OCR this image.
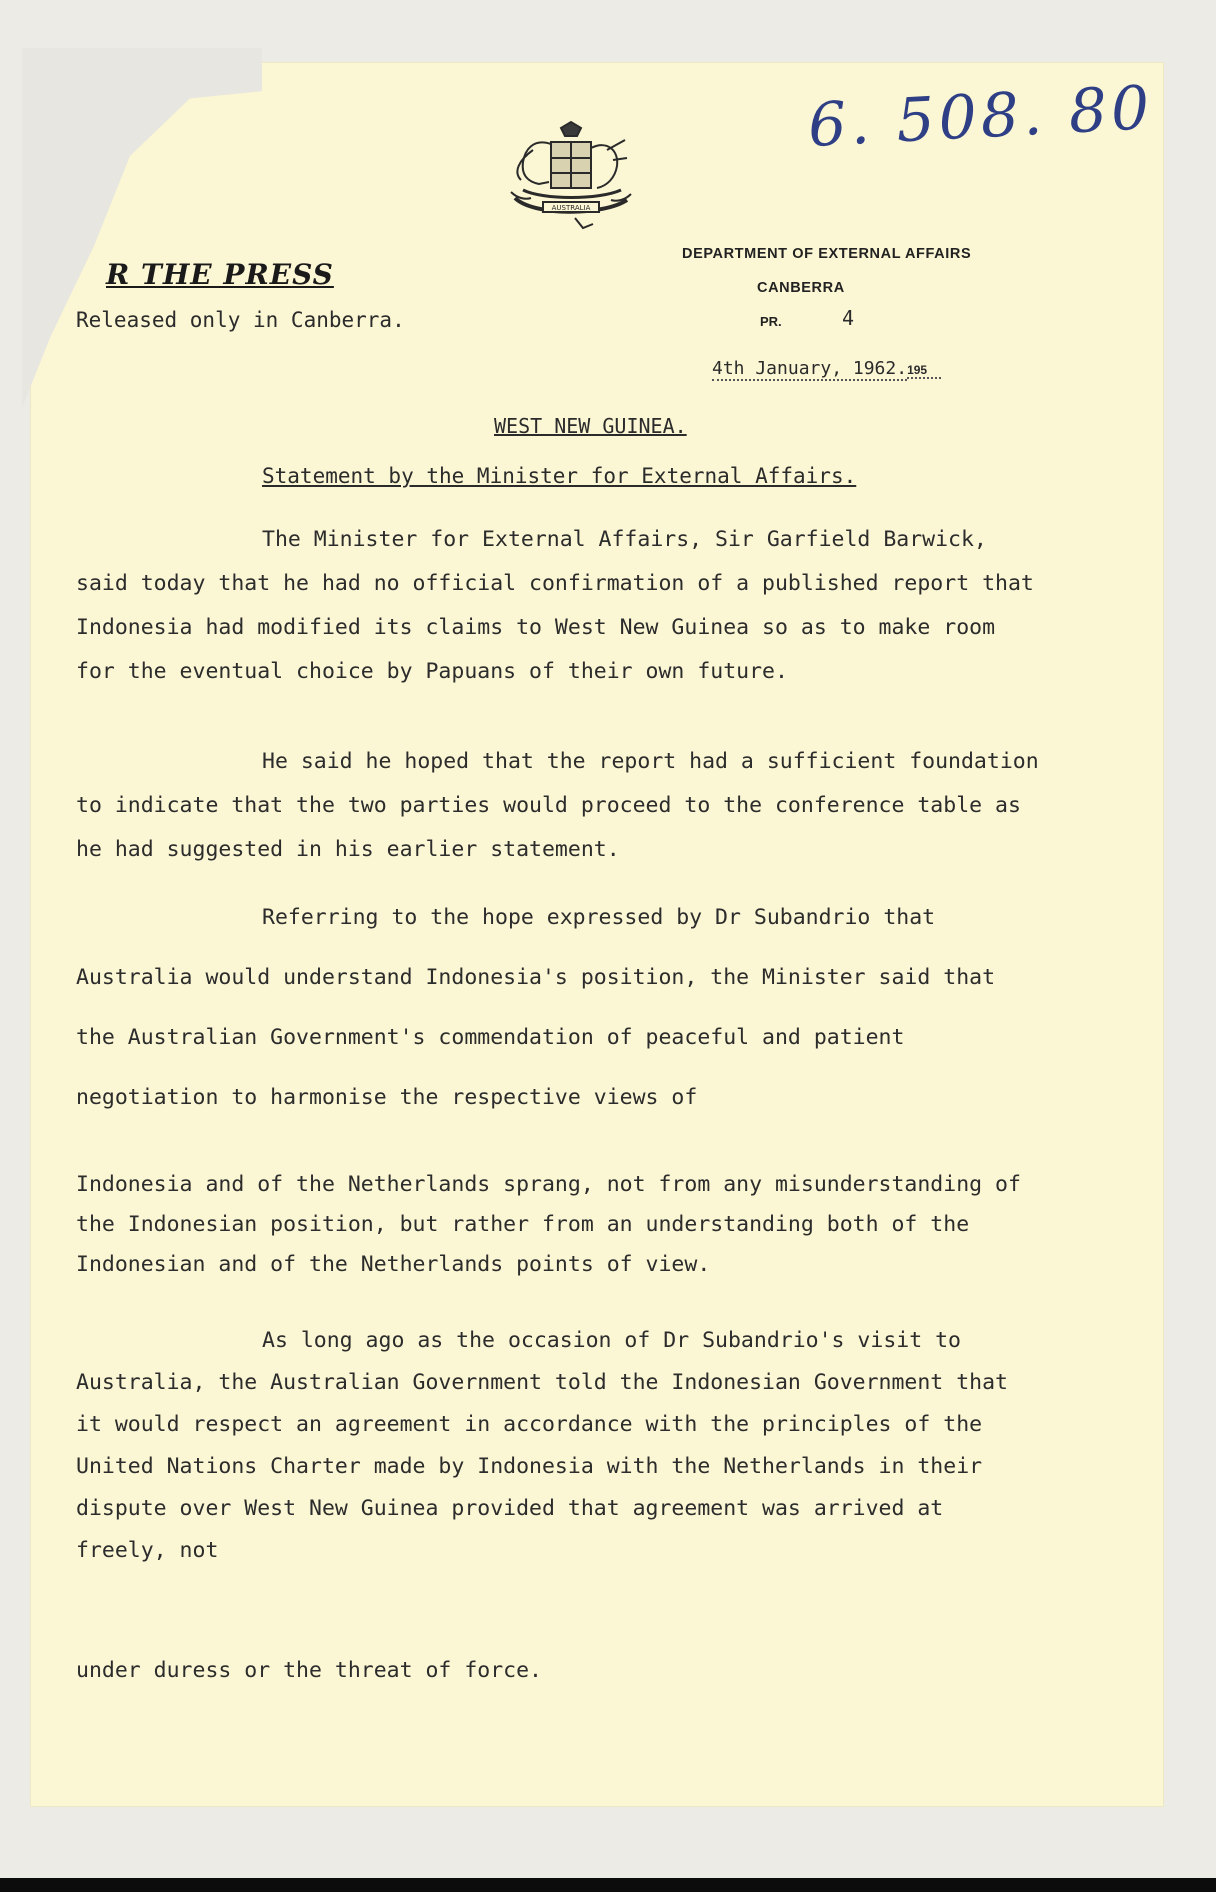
6. 508. 80
AUSTRALIA
R THE PRESS
Released only in Canberra.
DEPARTMENT OF EXTERNAL AFFAIRS
CANBERRA
PR.	4
4th January, 1962.195
WEST NEW GUINEA.
Statement by the Minister for External Affairs.

The Minister for External Affairs, Sir Garfield Barwick, said today that he had no official confirmation of a published report that Indonesia had modified its claims to West New Guinea so as to make room for the eventual choice by Papuans of their own future.

He said he hoped that the report had a sufficient foundation to indicate that the two parties would proceed to the conference table as he had suggested in his earlier statement.

Referring to the hope expressed by Dr Subandrio that Australia would understand Indonesia's position, the Minister said that the Australian Government's commendation of peaceful and patient negotiation to harmonise the respective views of

Indonesia and of the Netherlands sprang, not from any misunderstanding of the Indonesian position, but rather from an understanding both of the Indonesian and of the Netherlands points of view.

As long ago as the occasion of Dr Subandrio's visit to Australia, the Australian Government told the Indonesian Government that it would respect an agreement in accordance with the principles of the United Nations Charter made by Indonesia with the Netherlands in their dispute over West New Guinea provided that agreement was arrived at freely, not

under duress or the threat of force.
